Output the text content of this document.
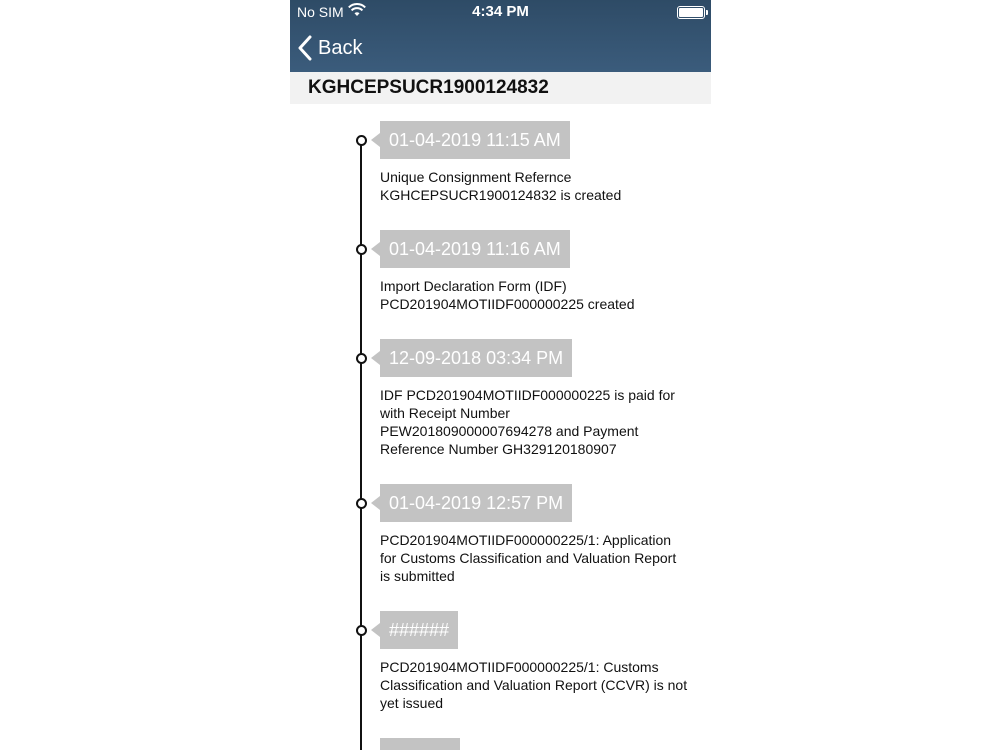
No SIM	4:34 PM
Back
KGHCEPSUCR1900124832
01-04-2019 11:15 AM
Unique Consignment Refernce
KGHCEPSUCR1900124832 is created
01-04-2019 11:16 AM
Import Declaration Form (IDF)
PCD201904MOTIIDF000000225 created
12-09-2018 03:34 PM
IDF PCD201904MOTIIDF000000225 is paid for
with Receipt Number
PEW201809000007694278 and Payment
Reference Number GH329120180907
01-04-2019 12:57 PM
PCD201904MOTIIDF000000225/1: Application
for Customs Classification and Valuation Report
is submitted
######
PCD201904MOTIIDF000000225/1: Customs
Classification and Valuation Report (CCVR) is not
yet issued
